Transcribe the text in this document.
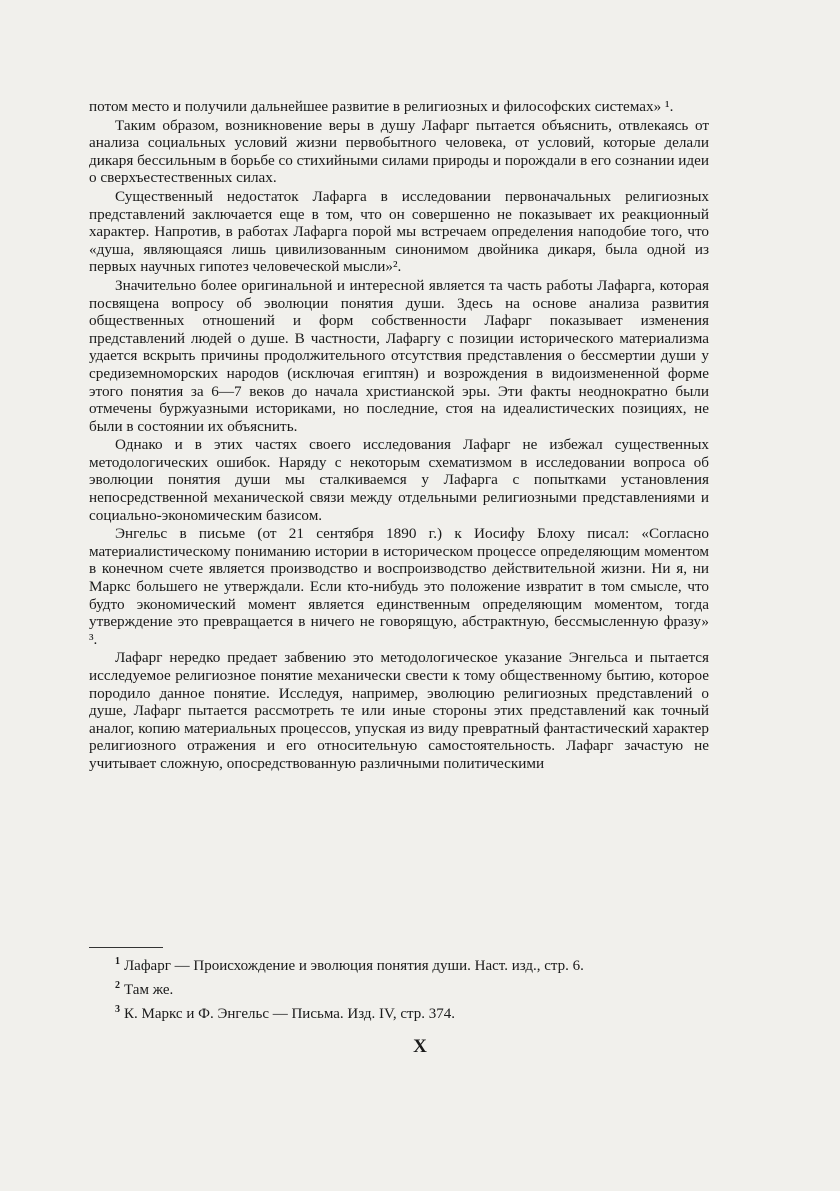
потом место и получили дальнейшее развитие в религиозных и философских системах» ¹.

Таким образом, возникновение веры в душу Лафарг пытается объяснить, отвлекаясь от анализа социальных условий жизни первобытного человека, от условий, которые делали дикаря бессильным в борьбе со стихийными силами природы и порождали в его сознании идеи о сверхъестественных силах.

Существенный недостаток Лафарга в исследовании первоначальных религиозных представлений заключается еще в том, что он совершенно не показывает их реакционный характер. Напротив, в работах Лафарга порой мы встречаем определения наподобие того, что «душа, являющаяся лишь цивилизованным синонимом двойника дикаря, была одной из первых научных гипотез человеческой мысли»².

Значительно более оригинальной и интересной является та часть работы Лафарга, которая посвящена вопросу об эволюции понятия души. Здесь на основе анализа развития общественных отношений и форм собственности Лафарг показывает изменения представлений людей о душе. В частности, Лафаргу с позиции исторического материализма удается вскрыть причины продолжительного отсутствия представления о бессмертии души у средиземноморских народов (исключая египтян) и возрождения в видоизмененной форме этого понятия за 6—7 веков до начала христианской эры. Эти факты неоднократно были отмечены буржуазными историками, но последние, стоя на идеалистических позициях, не были в состоянии их объяснить.

Однако и в этих частях своего исследования Лафарг не избежал существенных методологических ошибок. Наряду с некоторым схематизмом в исследовании вопроса об эволюции понятия души мы сталкиваемся у Лафарга с попытками установления непосредственной механической связи между отдельными религиозными представлениями и социально-экономическим базисом.

Энгельс в письме (от 21 сентября 1890 г.) к Иосифу Блоху писал: «Согласно материалистическому пониманию истории в историческом процессе определяющим моментом в конечном счете является производство и воспроизводство действительной жизни. Ни я, ни Маркс большего не утверждали. Если кто-нибудь это положение извратит в том смысле, что будто экономический момент является единственным определяющим моментом, тогда утверждение это превращается в ничего не говорящую, абстрактную, бессмысленную фразу» ³.

Лафарг нередко предает забвению это методологическое указание Энгельса и пытается исследуемое религиозное понятие механически свести к тому общественному бытию, которое породило данное понятие. Исследуя, например, эволюцию религиозных представлений о душе, Лафарг пытается рассмотреть те или иные стороны этих представлений как точный аналог, копию материальных процессов, упуская из виду превратный фантастический характер религиозного отражения и его относительную самостоятельность. Лафарг зачастую не учитывает сложную, опосредствованную различными политическими

$^1$ Лафарг — Происхождение и эволюция понятия души. Наст. изд., стр. 6.

$^2$ Там же.

$^3$ К. Маркс и Ф. Энгельс — Письма. Изд. IV, стр. 374.

X
